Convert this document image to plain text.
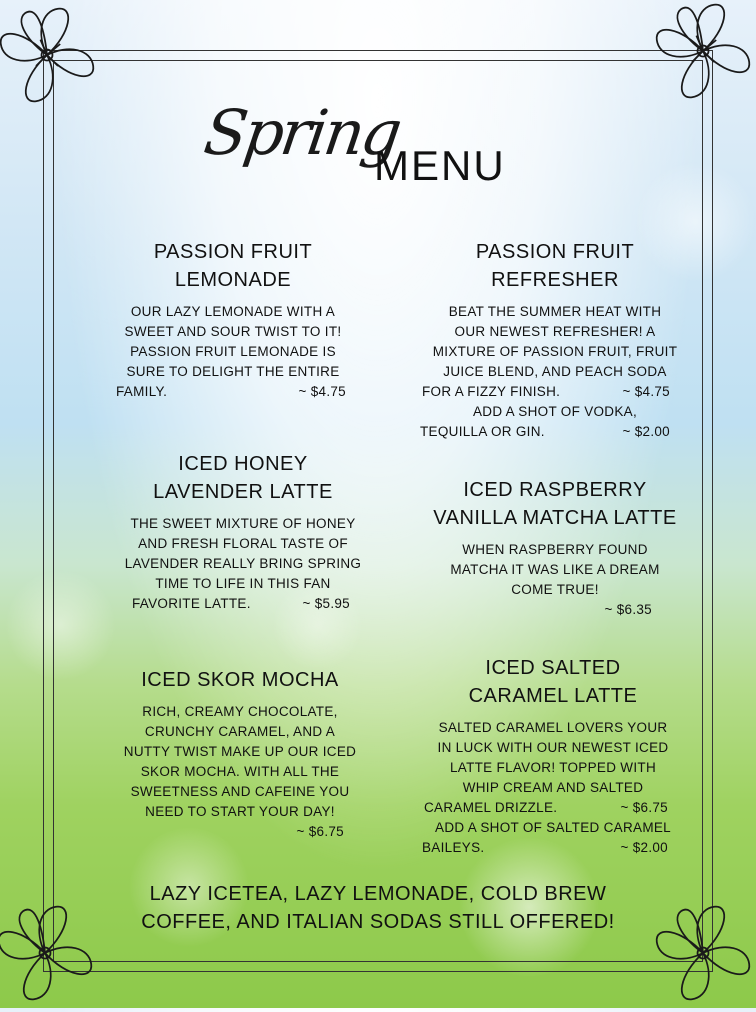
Spring
MENU
PASSION FRUIT
LEMONADE
OUR LAZY LEMONADE WITH A
SWEET AND SOUR TWIST TO IT!
PASSION FRUIT LEMONADE IS
SURE TO DELIGHT THE ENTIRE
FAMILY.	~ $4.75
PASSION FRUIT
REFRESHER
BEAT THE SUMMER HEAT WITH
OUR NEWEST REFRESHER! A
MIXTURE OF PASSION FRUIT, FRUIT
JUICE BLEND, AND PEACH SODA
FOR A FIZZY FINISH.	~ $4.75
ADD A SHOT OF VODKA,
TEQUILLA OR GIN.	~ $2.00
ICED HONEY
LAVENDER LATTE
THE SWEET MIXTURE OF HONEY
AND FRESH FLORAL TASTE OF
LAVENDER REALLY BRING SPRING
TIME TO LIFE IN THIS FAN
FAVORITE LATTE.	~ $5.95
ICED RASPBERRY
VANILLA MATCHA LATTE
WHEN RASPBERRY FOUND
MATCHA IT WAS LIKE A DREAM
COME TRUE!
~ $6.35
ICED SKOR MOCHA
RICH, CREAMY CHOCOLATE,
CRUNCHY CARAMEL, AND A
NUTTY TWIST MAKE UP OUR ICED
SKOR MOCHA. WITH ALL THE
SWEETNESS AND CAFEINE YOU
NEED TO START YOUR DAY!
~ $6.75
ICED SALTED
CARAMEL LATTE
SALTED CARAMEL LOVERS YOUR
IN LUCK WITH OUR NEWEST ICED
LATTE FLAVOR! TOPPED WITH
WHIP CREAM AND SALTED
CARAMEL DRIZZLE.	~ $6.75
ADD A SHOT OF SALTED CARAMEL
BAILEYS.	~ $2.00
LAZY ICETEA, LAZY LEMONADE, COLD BREW
COFFEE, AND ITALIAN SODAS STILL OFFERED!
